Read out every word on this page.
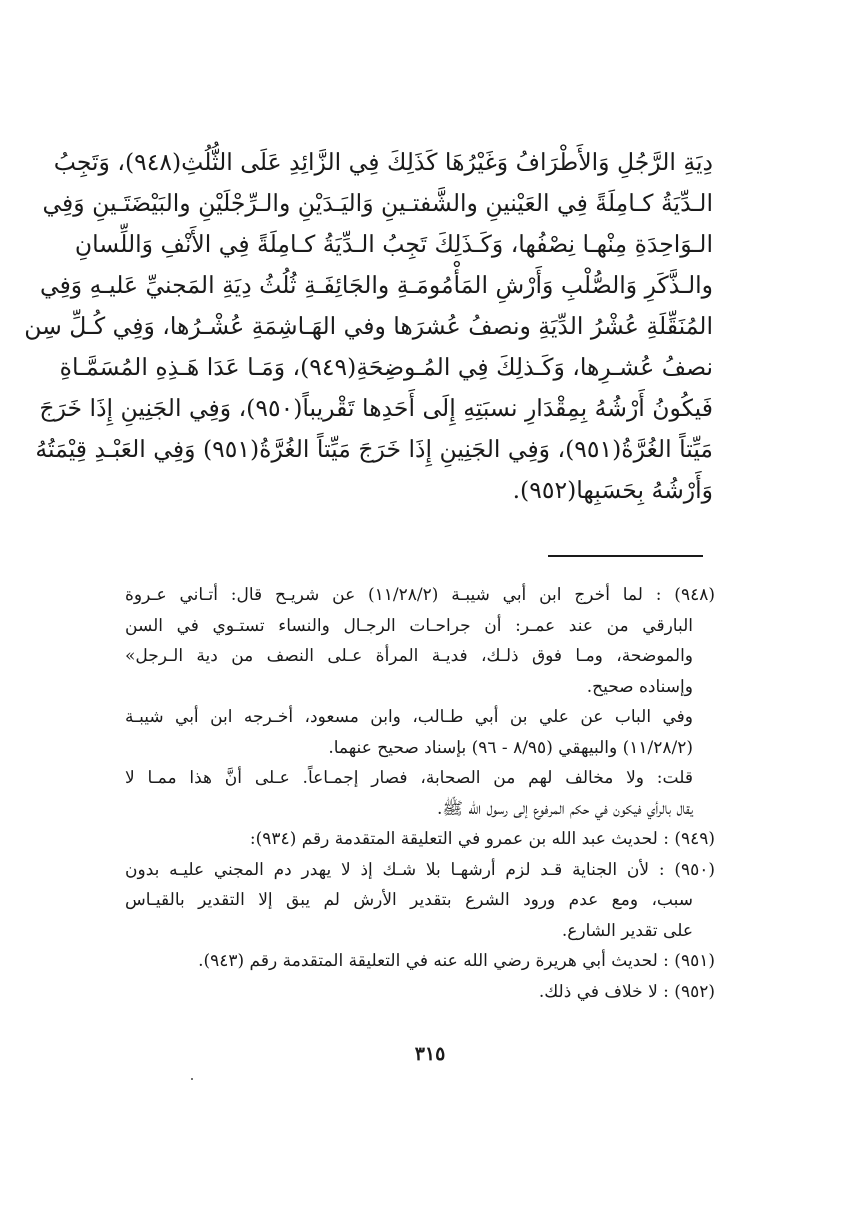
دِيَةِ الرَّجُلِ وَالأَطْرَافُ وَغَيْرُهَا كَذَلِكَ فِي الزَّائِدِ عَلَى الثُّلُثِ(٩٤٨)، وَتَجِبُ
الـدِّيَةُ كـامِلَةً فِي العَيْنينِ والشَّفتـينِ وَاليَـدَيْنِ والـرِّجْلَيْنِ والبَيْضَتَـينِ وَفِي
الـوَاحِدَةِ مِنْهـا نِصْفُها، وَكَـذَلِكَ تَجِبُ الـدِّيَةُ كـامِلَةً فِي الأَنْفِ وَاللِّسانِ
والـذَّكَرِ وَالصُّلْبِ وَأَرْشِ المَأْمُومَـةِ والجَائِفَـةِ ثُلُثُ دِيَةِ المَجنيِّ عَليـهِ وَفِي
المُنَقِّلَةِ عُشْرُ الدِّيَةِ ونصفُ عُشرَها وفي الهَـاشِمَةِ عُشْـرُها، وَفِي كُـلِّ سِن
نصفُ عُشـرِها، وَكَـذلِكَ فِي المُـوضِحَةِ(٩٤٩)، وَمَـا عَدَا هَـذِهِ المُسَمَّـاةِ
فَيكُونُ أَرْشُهُ بِمِقْدَارِ نسبَتِهِ إِلَى أَحَدِها تَقْريباً(٩٥٠)، وَفِي الجَنِينِ إِذَا خَرَجَ
مَيِّتاً الغُرَّةُ(٩٥١)، وَفِي الجَنِينِ إِذَا خَرَجَ مَيِّتاً الغُرَّةُ(٩٥١) وَفِي العَبْـدِ قِيْمَتُهُ
وَأَرْشُهُ بِحَسَبِها(٩٥٢).
(٩٤٨) : لما أخرج ابن أبي شيبـة (١١/٢٨/٢) عن شريـح قال: أتـاني عـروة
البارقي من عند عمـر: أن جراحـات الرجـال والنساء تستـوي في السن
والموضحة، ومـا فوق ذلـك، فديـة المرأة عـلى النصف من دية الـرجل»
وإسناده صحيح.
وفي الباب عن علي بن أبي طـالب، وابن مسعود، أخـرجه ابن أبي شيبـة
(١١/٢٨/٢) والبيهقي (٨/٩٥ - ٩٦) بإسناد صحيح عنهما.
قلت: ولا مخالف لهم من الصحابة، فصار إجمـاعاً. عـلى أنَّ هذا ممـا لا
يقال بالرأي فيكون في حكم المرفوع إلى رسول الله ﷺ.
(٩٤٩) : لحديث عبد الله بن عمرو في التعليقة المتقدمة رقم (٩٣٤):
(٩٥٠) : لأن الجناية قـد لزم أرشهـا بلا شـك إذ لا يهدر دم المجني عليـه بدون
سبب، ومع عدم ورود الشرع بتقدير الأرش لم يبق إلا التقدير بالقيـاس
على تقدير الشارع.
(٩٥١) : لحديث أبي هريرة رضي الله عنه في التعليقة المتقدمة رقم (٩٤٣).
(٩٥٢) : لا خلاف في ذلك.
٣١٥
